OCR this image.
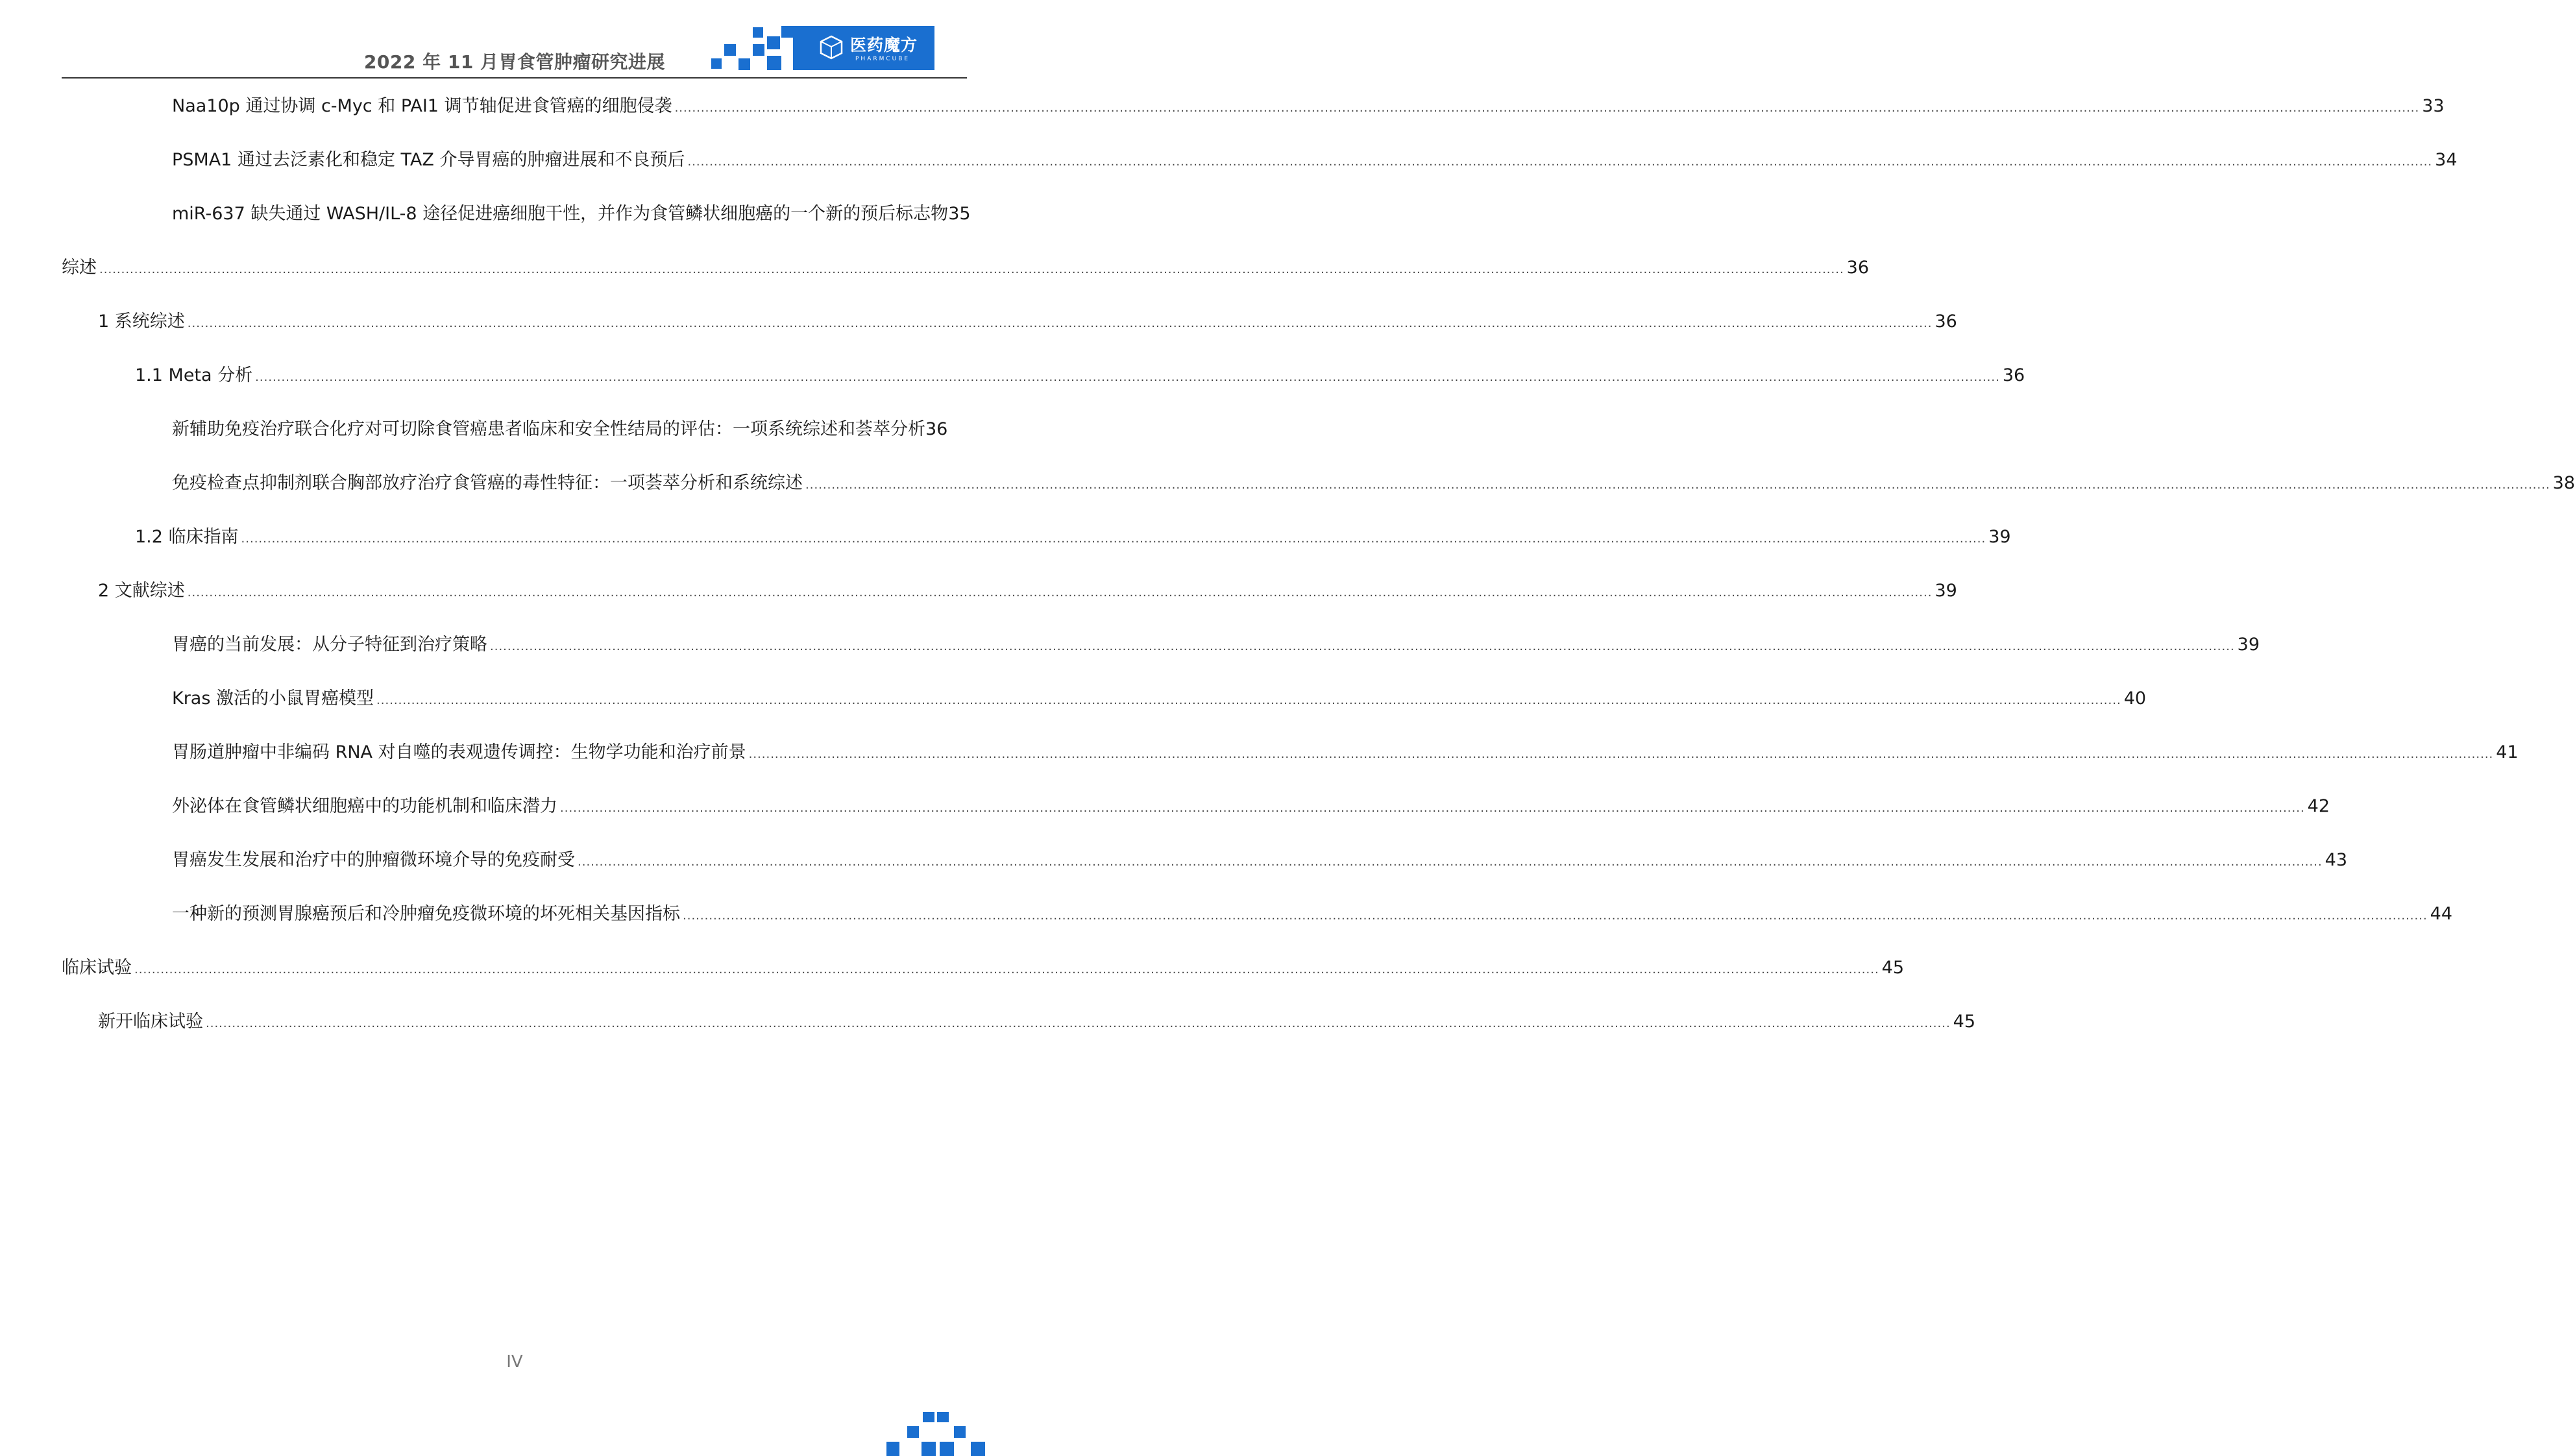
2022 年 11 月胃食管肿瘤研究进展
医药魔方
PHARMCUBE
Naa10p 通过协调 c-Myc 和 PAI1 调节轴促进食管癌的细胞侵袭 ................................................................................................................................................................................................................................................................................................................................................................................................................ 33
PSMA1 通过去泛素化和稳定 TAZ 介导胃癌的肿瘤进展和不良预后 ................................................................................................................................................................................................................................................................................................................................................................................................................ 34
miR-637 缺失通过 WASH/IL-8 途径促进癌细胞干性，并作为食管鳞状细胞癌的一个新的预后标志物 35
综述 ................................................................................................................................................................................................................................................................................................................................................................................................................ 36
1 系统综述 ................................................................................................................................................................................................................................................................................................................................................................................................................ 36
1.1 Meta 分析 ................................................................................................................................................................................................................................................................................................................................................................................................................ 36
新辅助免疫治疗联合化疗对可切除食管癌患者临床和安全性结局的评估：一项系统综述和荟萃分析 36
免疫检查点抑制剂联合胸部放疗治疗食管癌的毒性特征：一项荟萃分析和系统综述 ................................................................................................................................................................................................................................................................................................................................................................................................................ 38
1.2 临床指南 ................................................................................................................................................................................................................................................................................................................................................................................................................ 39
2 文献综述 ................................................................................................................................................................................................................................................................................................................................................................................................................ 39
胃癌的当前发展：从分子特征到治疗策略 ................................................................................................................................................................................................................................................................................................................................................................................................................ 39
Kras 激活的小鼠胃癌模型 ................................................................................................................................................................................................................................................................................................................................................................................................................ 40
胃肠道肿瘤中非编码 RNA 对自噬的表观遗传调控：生物学功能和治疗前景 ................................................................................................................................................................................................................................................................................................................................................................................................................ 41
外泌体在食管鳞状细胞癌中的功能机制和临床潜力 ................................................................................................................................................................................................................................................................................................................................................................................................................ 42
胃癌发生发展和治疗中的肿瘤微环境介导的免疫耐受 ................................................................................................................................................................................................................................................................................................................................................................................................................ 43
一种新的预测胃腺癌预后和冷肿瘤免疫微环境的坏死相关基因指标 ................................................................................................................................................................................................................................................................................................................................................................................................................ 44
临床试验 ................................................................................................................................................................................................................................................................................................................................................................................................................ 45
新开临床试验 ................................................................................................................................................................................................................................................................................................................................................................................................................ 45
IV
